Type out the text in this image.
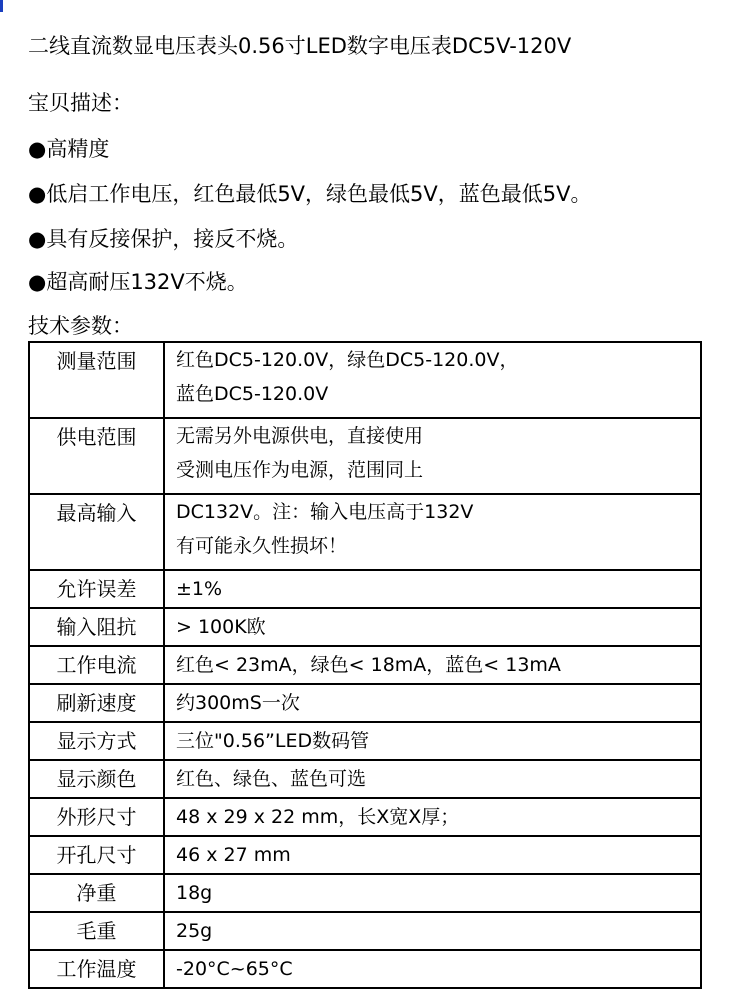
二线直流数显电压表头0.56寸LED数字电压表DC5V-120V
宝贝描述：
●高精度
●低启工作电压，红色最低5V，绿色最低5V，蓝色最低5V。
●具有反接保护，接反不烧。
●超高耐压132V不烧。
技术参数：
测量范围	红色DC5-120.0V，绿色DC5-120.0V，
蓝色DC5-120.0V

供电范围	无需另外电源供电，直接使用
受测电压作为电源，范围同上

最高输入	DC132V。注：输入电压高于132V
有可能永久性损坏！

允许误差	±1%
输入阻抗	> 100K欧
工作电流	红色< 23mA，绿色< 18mA，蓝色< 13mA
刷新速度	约300mS一次
显示方式	三位"0.56”LED数码管
显示颜色	红色、绿色、蓝色可选
外形尺寸	48 x 29 x 22 mm，长X宽X厚；
开孔尺寸	46 x 27 mm
净重	18g
毛重	25g
工作温度	-20°C~65°C
